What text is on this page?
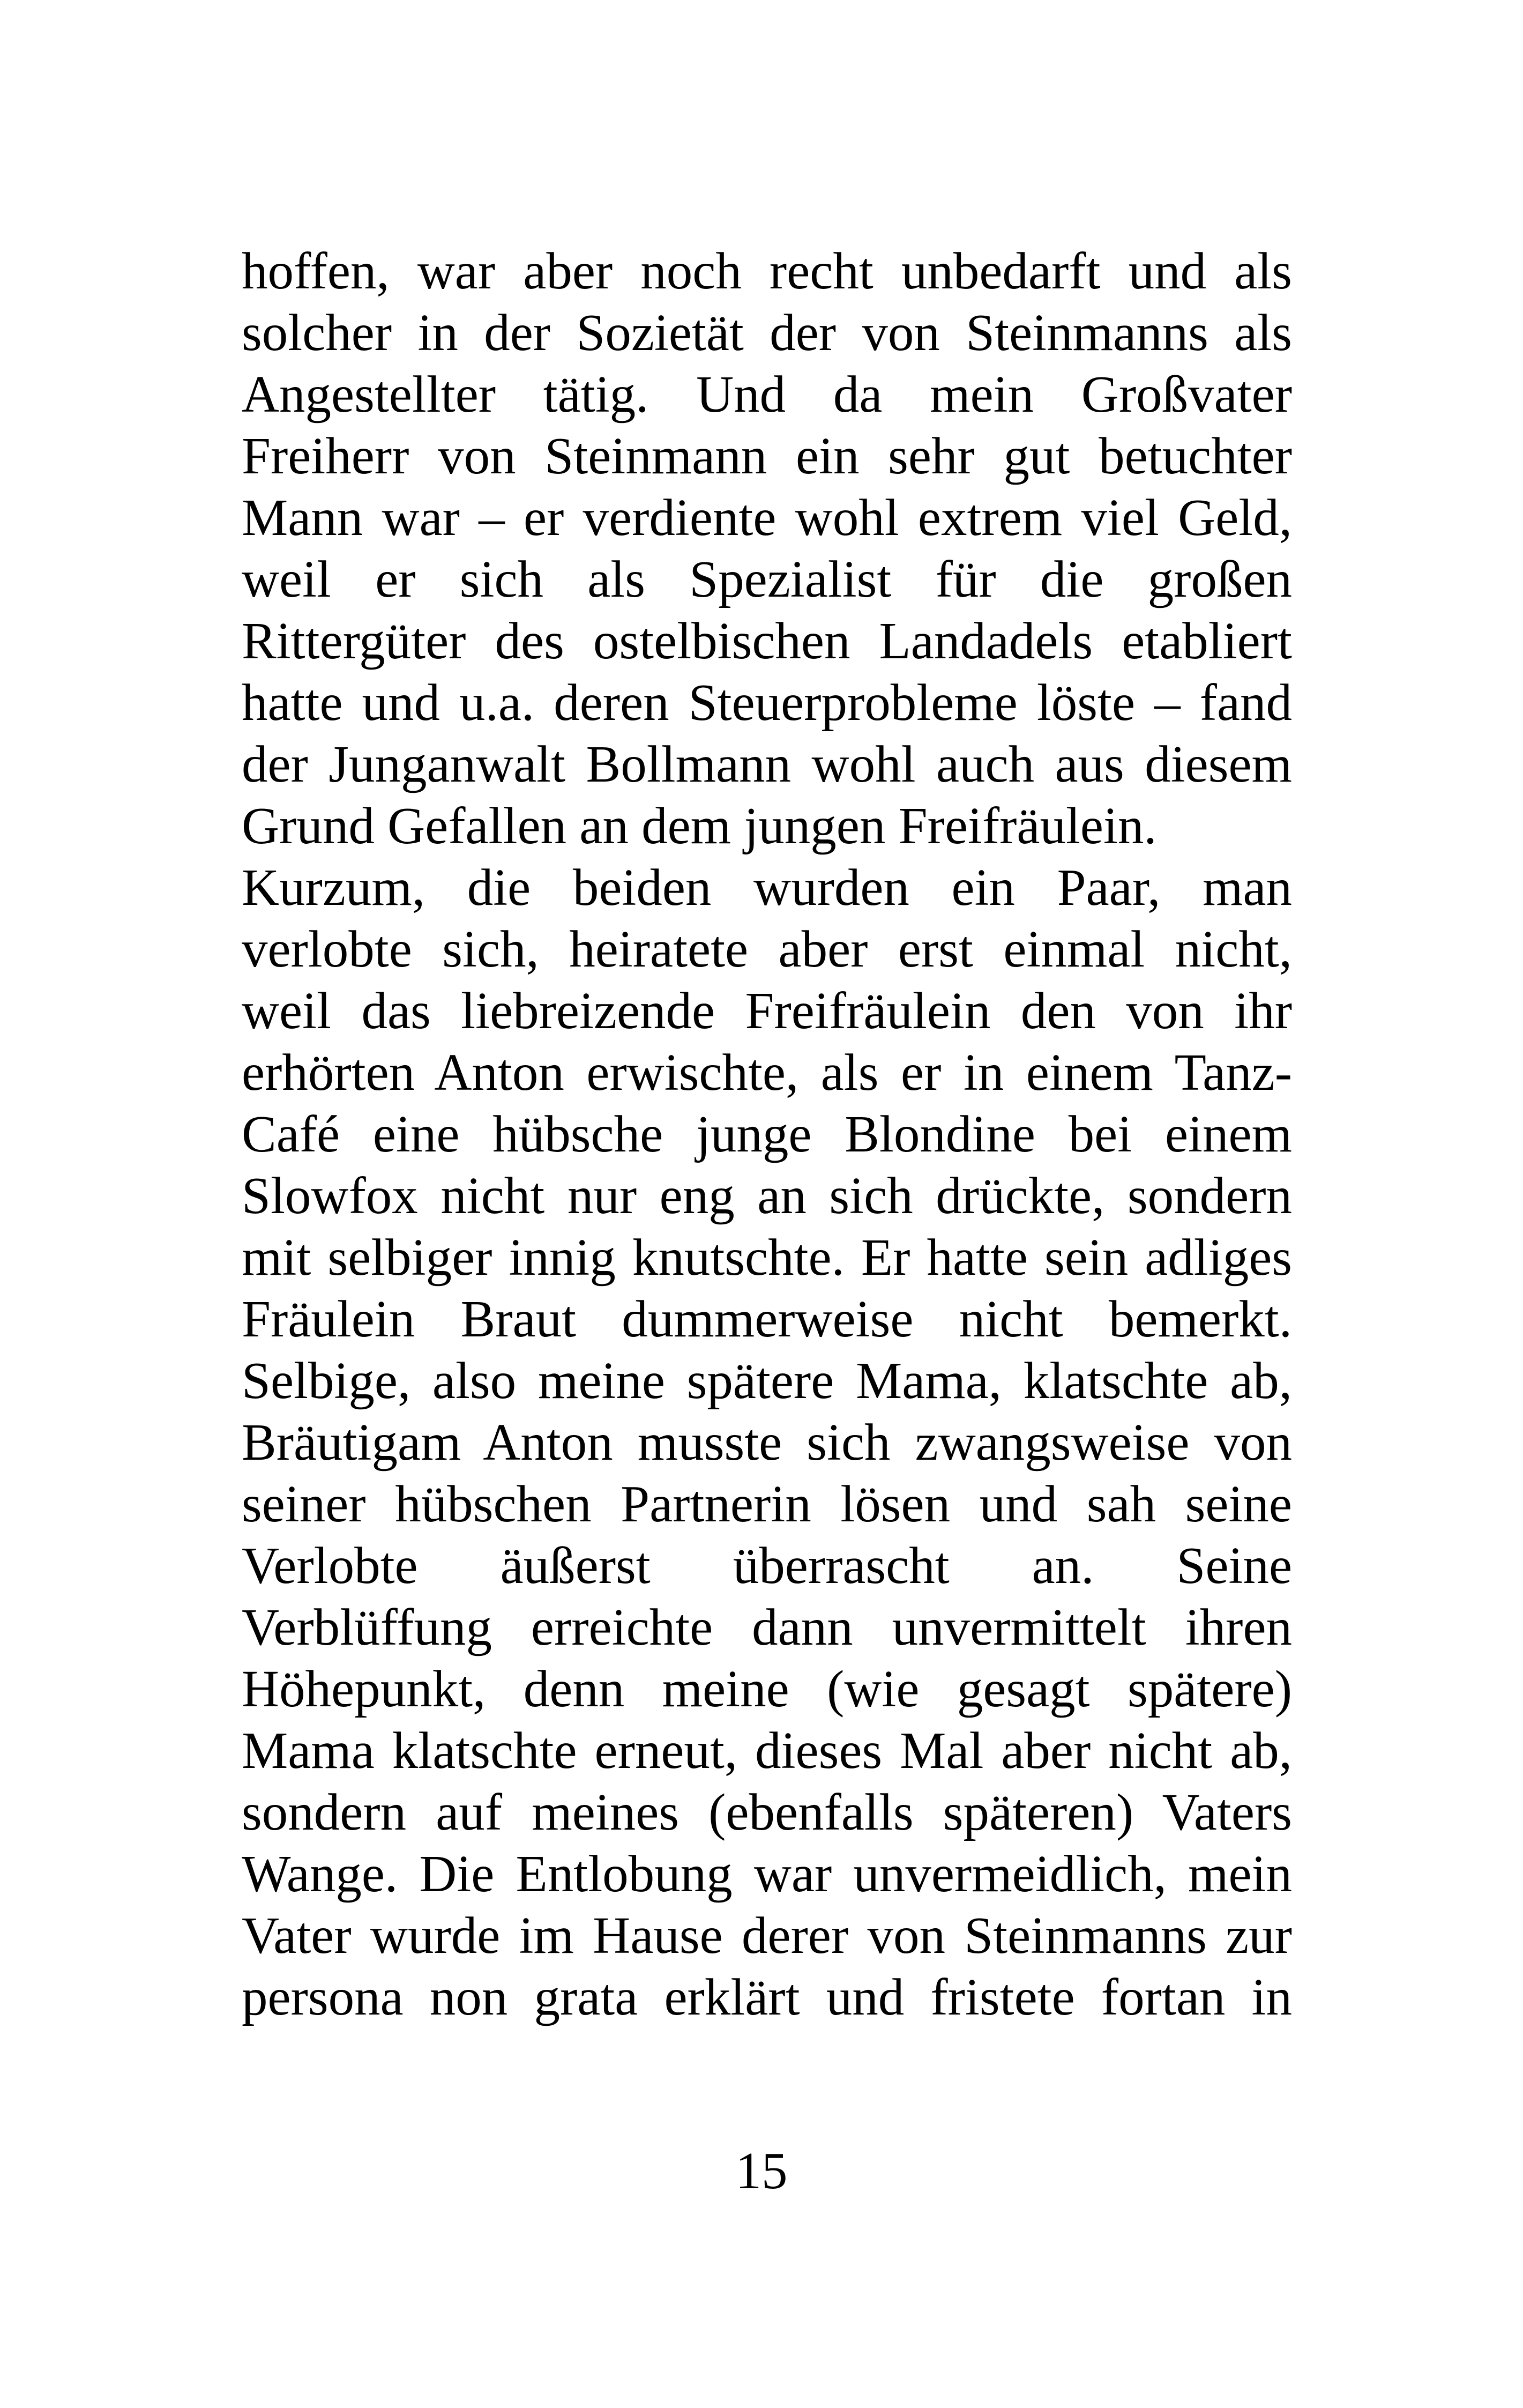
hoffen, war aber noch recht unbedarft und als
solcher in der Sozietät der von Steinmanns als
Angestellter tätig. Und da mein Großvater
Freiherr von Steinmann ein sehr gut betuchter
Mann war – er verdiente wohl extrem viel Geld,
weil er sich als Spezialist für die großen
Rittergüter des ostelbischen Landadels etabliert
hatte und u.a. deren Steuerprobleme löste – fand
der Junganwalt Bollmann wohl auch aus diesem
Grund Gefallen an dem jungen Freifräulein.
Kurzum, die beiden wurden ein Paar, man
verlobte sich, heiratete aber erst einmal nicht,
weil das liebreizende Freifräulein den von ihr
erhörten Anton erwischte, als er in einem Tanz-
Café eine hübsche junge Blondine bei einem
Slowfox nicht nur eng an sich drückte, sondern
mit selbiger innig knutschte. Er hatte sein adliges
Fräulein Braut dummerweise nicht bemerkt.
Selbige, also meine spätere Mama, klatschte ab,
Bräutigam Anton musste sich zwangsweise von
seiner hübschen Partnerin lösen und sah seine
Verlobte äußerst überrascht an. Seine
Verblüffung erreichte dann unvermittelt ihren
Höhepunkt, denn meine (wie gesagt spätere)
Mama klatschte erneut, dieses Mal aber nicht ab,
sondern auf meines (ebenfalls späteren) Vaters
Wange. Die Entlobung war unvermeidlich, mein
Vater wurde im Hause derer von Steinmanns zur
persona non grata erklärt und fristete fortan in
15
